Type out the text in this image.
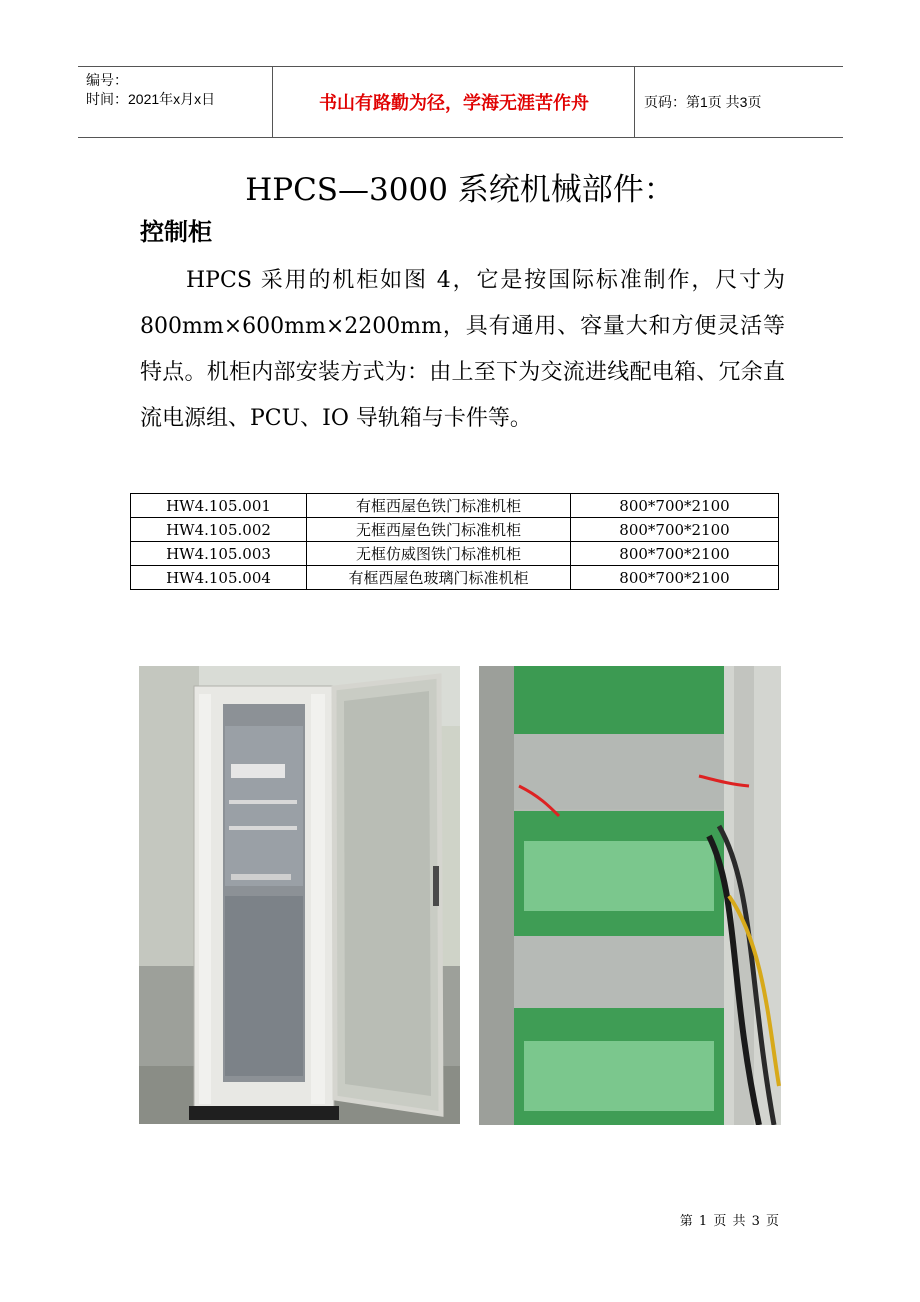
编号：
时间：2021年x月x日	书山有路勤为径，学海无涯苦作舟	页码：第1页 共3页
HPCS—3000 系统机械部件：
控制柜
HPCS 采用的机柜如图 4，它是按国际标准制作，尺寸为 800mm×600mm×2200mm，具有通用、容量大和方便灵活等特点。机柜内部安装方式为：由上至下为交流进线配电箱、冗余直流电源组、PCU、IO 导轨箱与卡件等。
HW4.105.001	有框西屋色铁门标准机柜	800*700*2100
HW4.105.002	无框西屋色铁门标准机柜	800*700*2100
HW4.105.003	无框仿威图铁门标准机柜	800*700*2100
HW4.105.004	有框西屋色玻璃门标准机柜	800*700*2100
第 1 页 共 3 页
